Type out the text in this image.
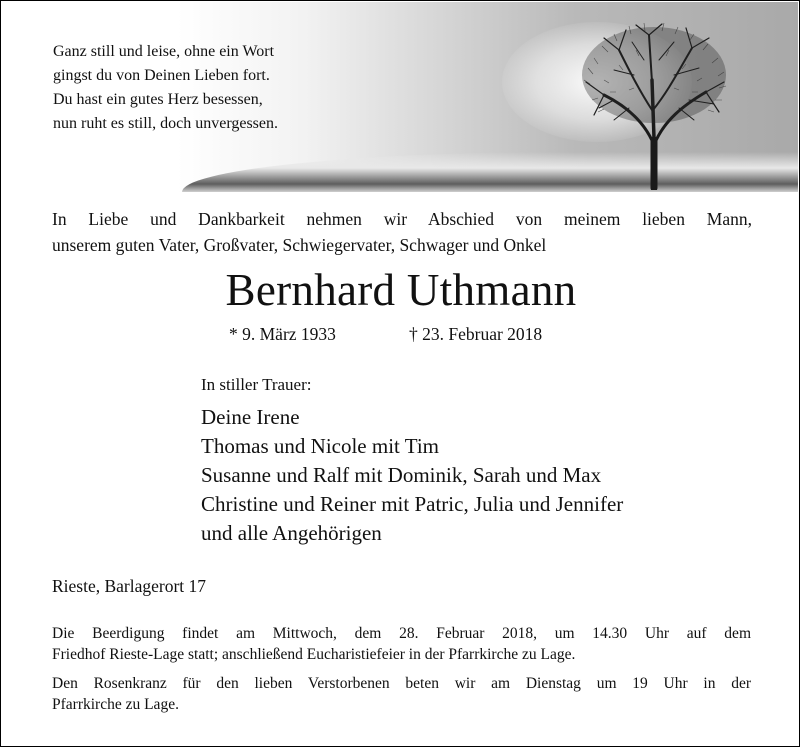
Ganz still und leise, ohne ein Wort
gingst du von Deinen Lieben fort.
Du hast ein gutes Herz besessen,
nun ruht es still, doch unvergessen.
In Liebe und Dankbarkeit nehmen wir Abschied von meinem lieben Mann,
unserem guten Vater, Großvater, Schwiegervater, Schwager und Onkel
Bernhard Uthmann
* 9. März 1933	† 23. Februar 2018
In stiller Trauer:
Deine Irene
Thomas und Nicole mit Tim
Susanne und Ralf mit Dominik, Sarah und Max
Christine und Reiner mit Patric, Julia und Jennifer
und alle Angehörigen
Rieste, Barlagerort 17
Die Beerdigung findet am Mittwoch, dem 28. Februar 2018, um 14.30 Uhr auf dem
Friedhof Rieste-Lage statt; anschließend Eucharistiefeier in der Pfarrkirche zu Lage.
Den Rosenkranz für den lieben Verstorbenen beten wir am Dienstag um 19 Uhr in der
Pfarrkirche zu Lage.
